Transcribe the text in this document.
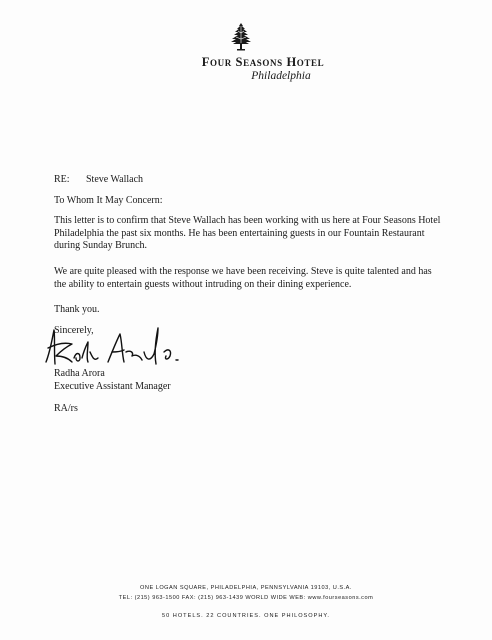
Four Seasons Hotel
Philadelphia
RE: Steve Wallach
To Whom It May Concern:
This letter is to confirm that Steve Wallach has been working with us here at Four Seasons Hotel
Philadelphia the past six months. He has been entertaining guests in our Fountain Restaurant
during Sunday Brunch.
We are quite pleased with the response we have been receiving. Steve is quite talented and has
the ability to entertain guests without intruding on their dining experience.
Thank you.
Sincerely,
Radha Arora
Executive Assistant Manager
RA/rs
ONE LOGAN SQUARE, PHILADELPHIA, PENNSYLVANIA 19103, U.S.A.
TEL: (215) 963-1500 FAX: (215) 963-1439 WORLD WIDE WEB: www.fourseasons.com
50 HOTELS. 22 COUNTRIES. ONE PHILOSOPHY.
